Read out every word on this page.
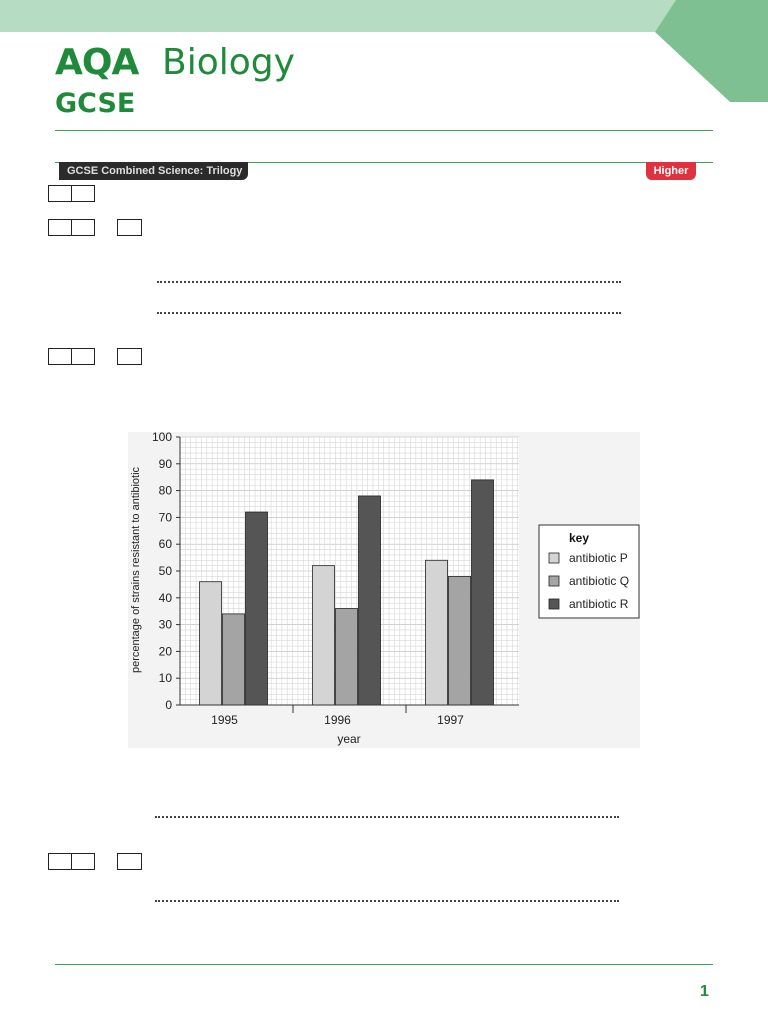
AQA Biology
GCSE
GCSE Combined Science: Trilogy	Higher
0
10
20
30
40
50
60
70
80
90
100
1995	1996	1997
percentage of strains resistant to antibiotic
year
key
antibiotic P
antibiotic Q
antibiotic R
1
